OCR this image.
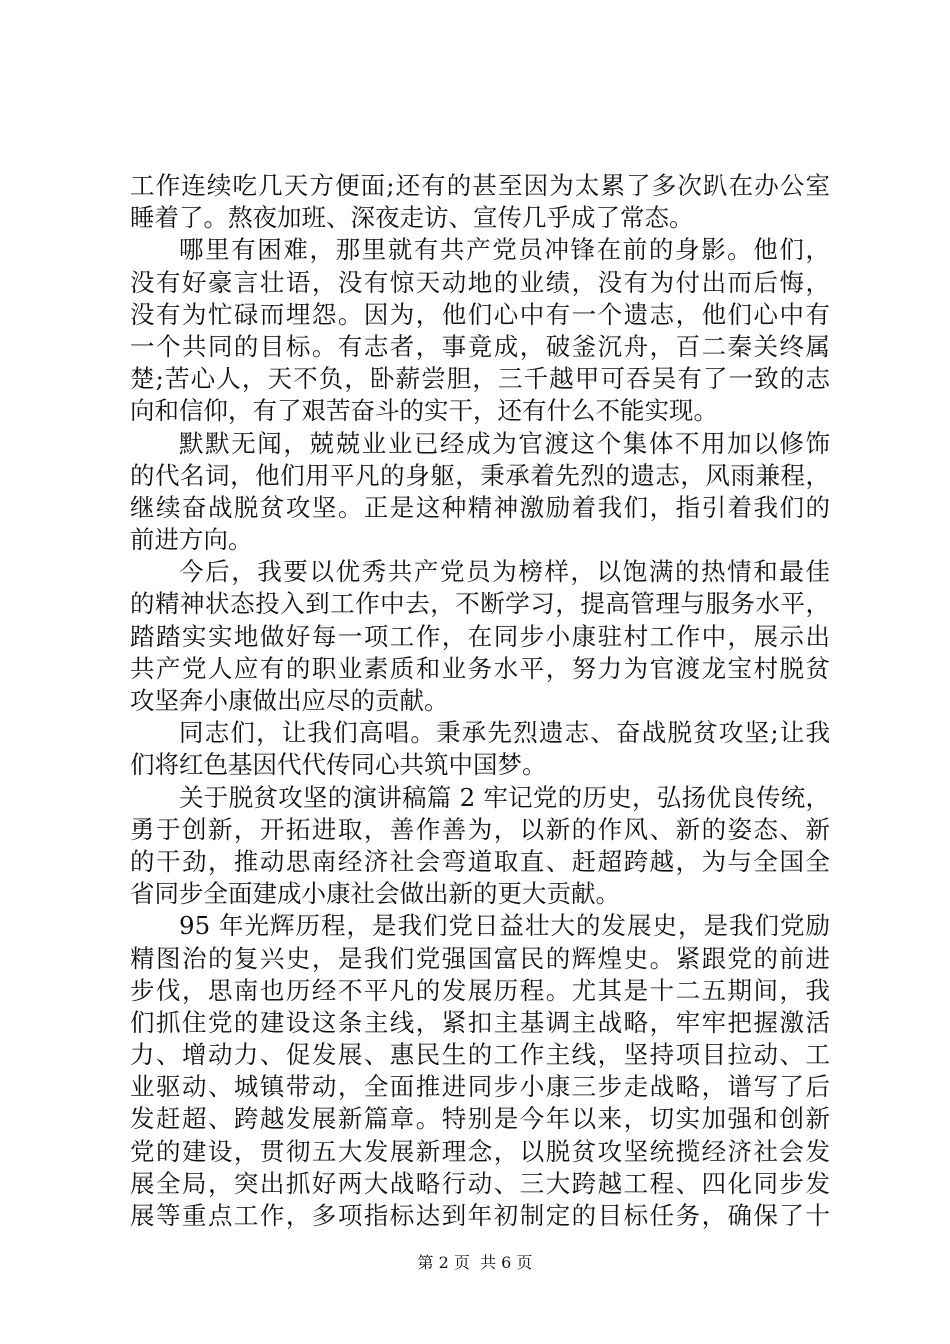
工作连续吃几天方便面;还有的甚至因为太累了多次趴在办公室
睡着了。熬夜加班、深夜走访、宣传几乎成了常态。
哪里有困难，那里就有共产党员冲锋在前的身影。他们，
没有好豪言壮语，没有惊天动地的业绩，没有为付出而后悔，
没有为忙碌而埋怨。因为，他们心中有一个遗志，他们心中有
一个共同的目标。有志者，事竟成，破釜沉舟，百二秦关终属
楚;苦心人，天不负，卧薪尝胆，三千越甲可吞吴有了一致的志
向和信仰，有了艰苦奋斗的实干，还有什么不能实现。
默默无闻，兢兢业业已经成为官渡这个集体不用加以修饰
的代名词，他们用平凡的身躯，秉承着先烈的遗志，风雨兼程，
继续奋战脱贫攻坚。正是这种精神激励着我们，指引着我们的
前进方向。
今后，我要以优秀共产党员为榜样，以饱满的热情和最佳
的精神状态投入到工作中去，不断学习，提高管理与服务水平，
踏踏实实地做好每一项工作，在同步小康驻村工作中，展示出
共产党人应有的职业素质和业务水平，努力为官渡龙宝村脱贫
攻坚奔小康做出应尽的贡献。
同志们，让我们高唱。秉承先烈遗志、奋战脱贫攻坚;让我
们将红色基因代代传同心共筑中国梦。
关于脱贫攻坚的演讲稿篇 2 牢记党的历史，弘扬优良传统，
勇于创新，开拓进取，善作善为，以新的作风、新的姿态、新
的干劲，推动思南经济社会弯道取直、赶超跨越，为与全国全
省同步全面建成小康社会做出新的更大贡献。
95 年光辉历程，是我们党日益壮大的发展史，是我们党励
精图治的复兴史，是我们党强国富民的辉煌史。紧跟党的前进
步伐，思南也历经不平凡的发展历程。尤其是十二五期间，我
们抓住党的建设这条主线，紧扣主基调主战略，牢牢把握激活
力、增动力、促发展、惠民生的工作主线，坚持项目拉动、工
业驱动、城镇带动，全面推进同步小康三步走战略，谱写了后
发赶超、跨越发展新篇章。特别是今年以来，切实加强和创新
党的建设，贯彻五大发展新理念，以脱贫攻坚统揽经济社会发
展全局，突出抓好两大战略行动、三大跨越工程、四化同步发
展等重点工作，多项指标达到年初制定的目标任务，确保了十
第 2 页  共 6 页
